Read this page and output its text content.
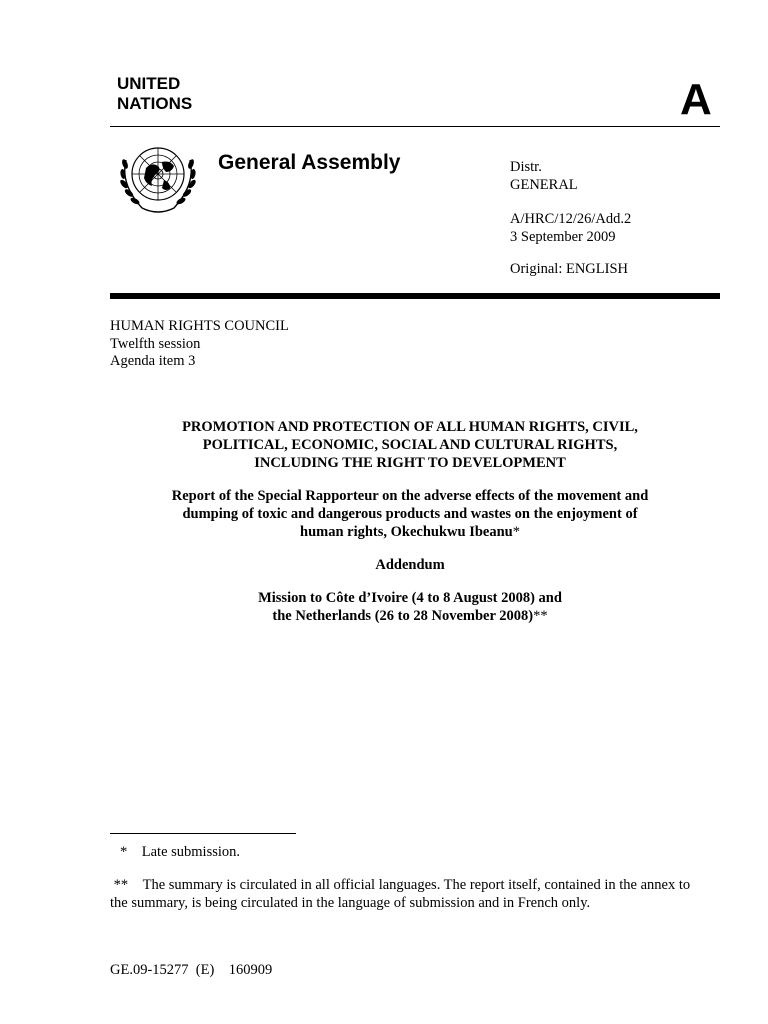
UNITED
NATIONS	A
General Assembly	Distr.
GENERAL
A/HRC/12/26/Add.2
3 September 2009
Original: ENGLISH
HUMAN RIGHTS COUNCIL
Twelfth session
Agenda item 3
PROMOTION AND PROTECTION OF ALL HUMAN RIGHTS, CIVIL,
POLITICAL, ECONOMIC, SOCIAL AND CULTURAL RIGHTS,
INCLUDING THE RIGHT TO DEVELOPMENT
Report of the Special Rapporteur on the adverse effects of the movement and
dumping of toxic and dangerous products and wastes on the enjoyment of
human rights, Okechukwu Ibeanu*
Addendum
Mission to Côte d’Ivoire (4 to 8 August 2008) and
the Netherlands (26 to 28 November 2008)**
* Late submission.
** The summary is circulated in all official languages. The report itself, contained in the annex to the summary, is being circulated in the language of submission and in French only.
GE.09-15277  (E)    160909
